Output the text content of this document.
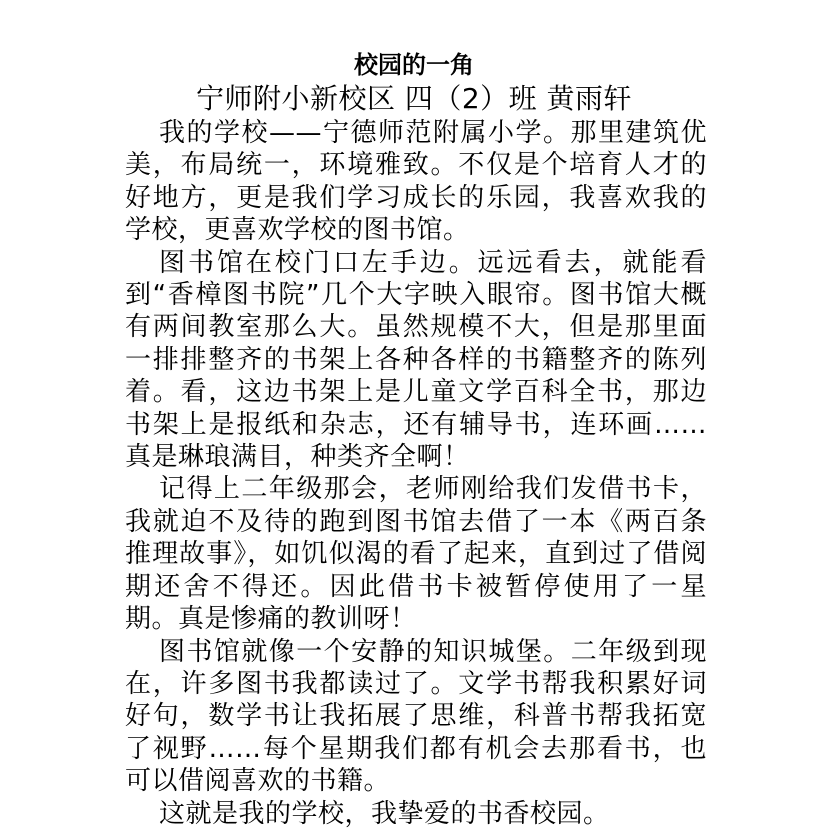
校园的一角
宁师附小新校区 四（2）班 黄雨轩

我的学校——宁德师范附属小学。那里建筑优美，布局统一，环境雅致。不仅是个培育人才的好地方，更是我们学习成长的乐园，我喜欢我的学校，更喜欢学校的图书馆。

图书馆在校门口左手边。远远看去，就能看到“香樟图书院”几个大字映入眼帘。图书馆大概有两间教室那么大。虽然规模不大，但是那里面一排排整齐的书架上各种各样的书籍整齐的陈列着。看，这边书架上是儿童文学百科全书，那边书架上是报纸和杂志，还有辅导书，连环画……真是琳琅满目，种类齐全啊！

记得上二年级那会，老师刚给我们发借书卡，我就迫不及待的跑到图书馆去借了一本《两百条推理故事》，如饥似渴的看了起来，直到过了借阅期还舍不得还。因此借书卡被暂停使用了一星期。真是惨痛的教训呀！

图书馆就像一个安静的知识城堡。二年级到现在，许多图书我都读过了。文学书帮我积累好词好句，数学书让我拓展了思维，科普书帮我拓宽了视野……每个星期我们都有机会去那看书，也可以借阅喜欢的书籍。

这就是我的学校，我挚爱的书香校园。
